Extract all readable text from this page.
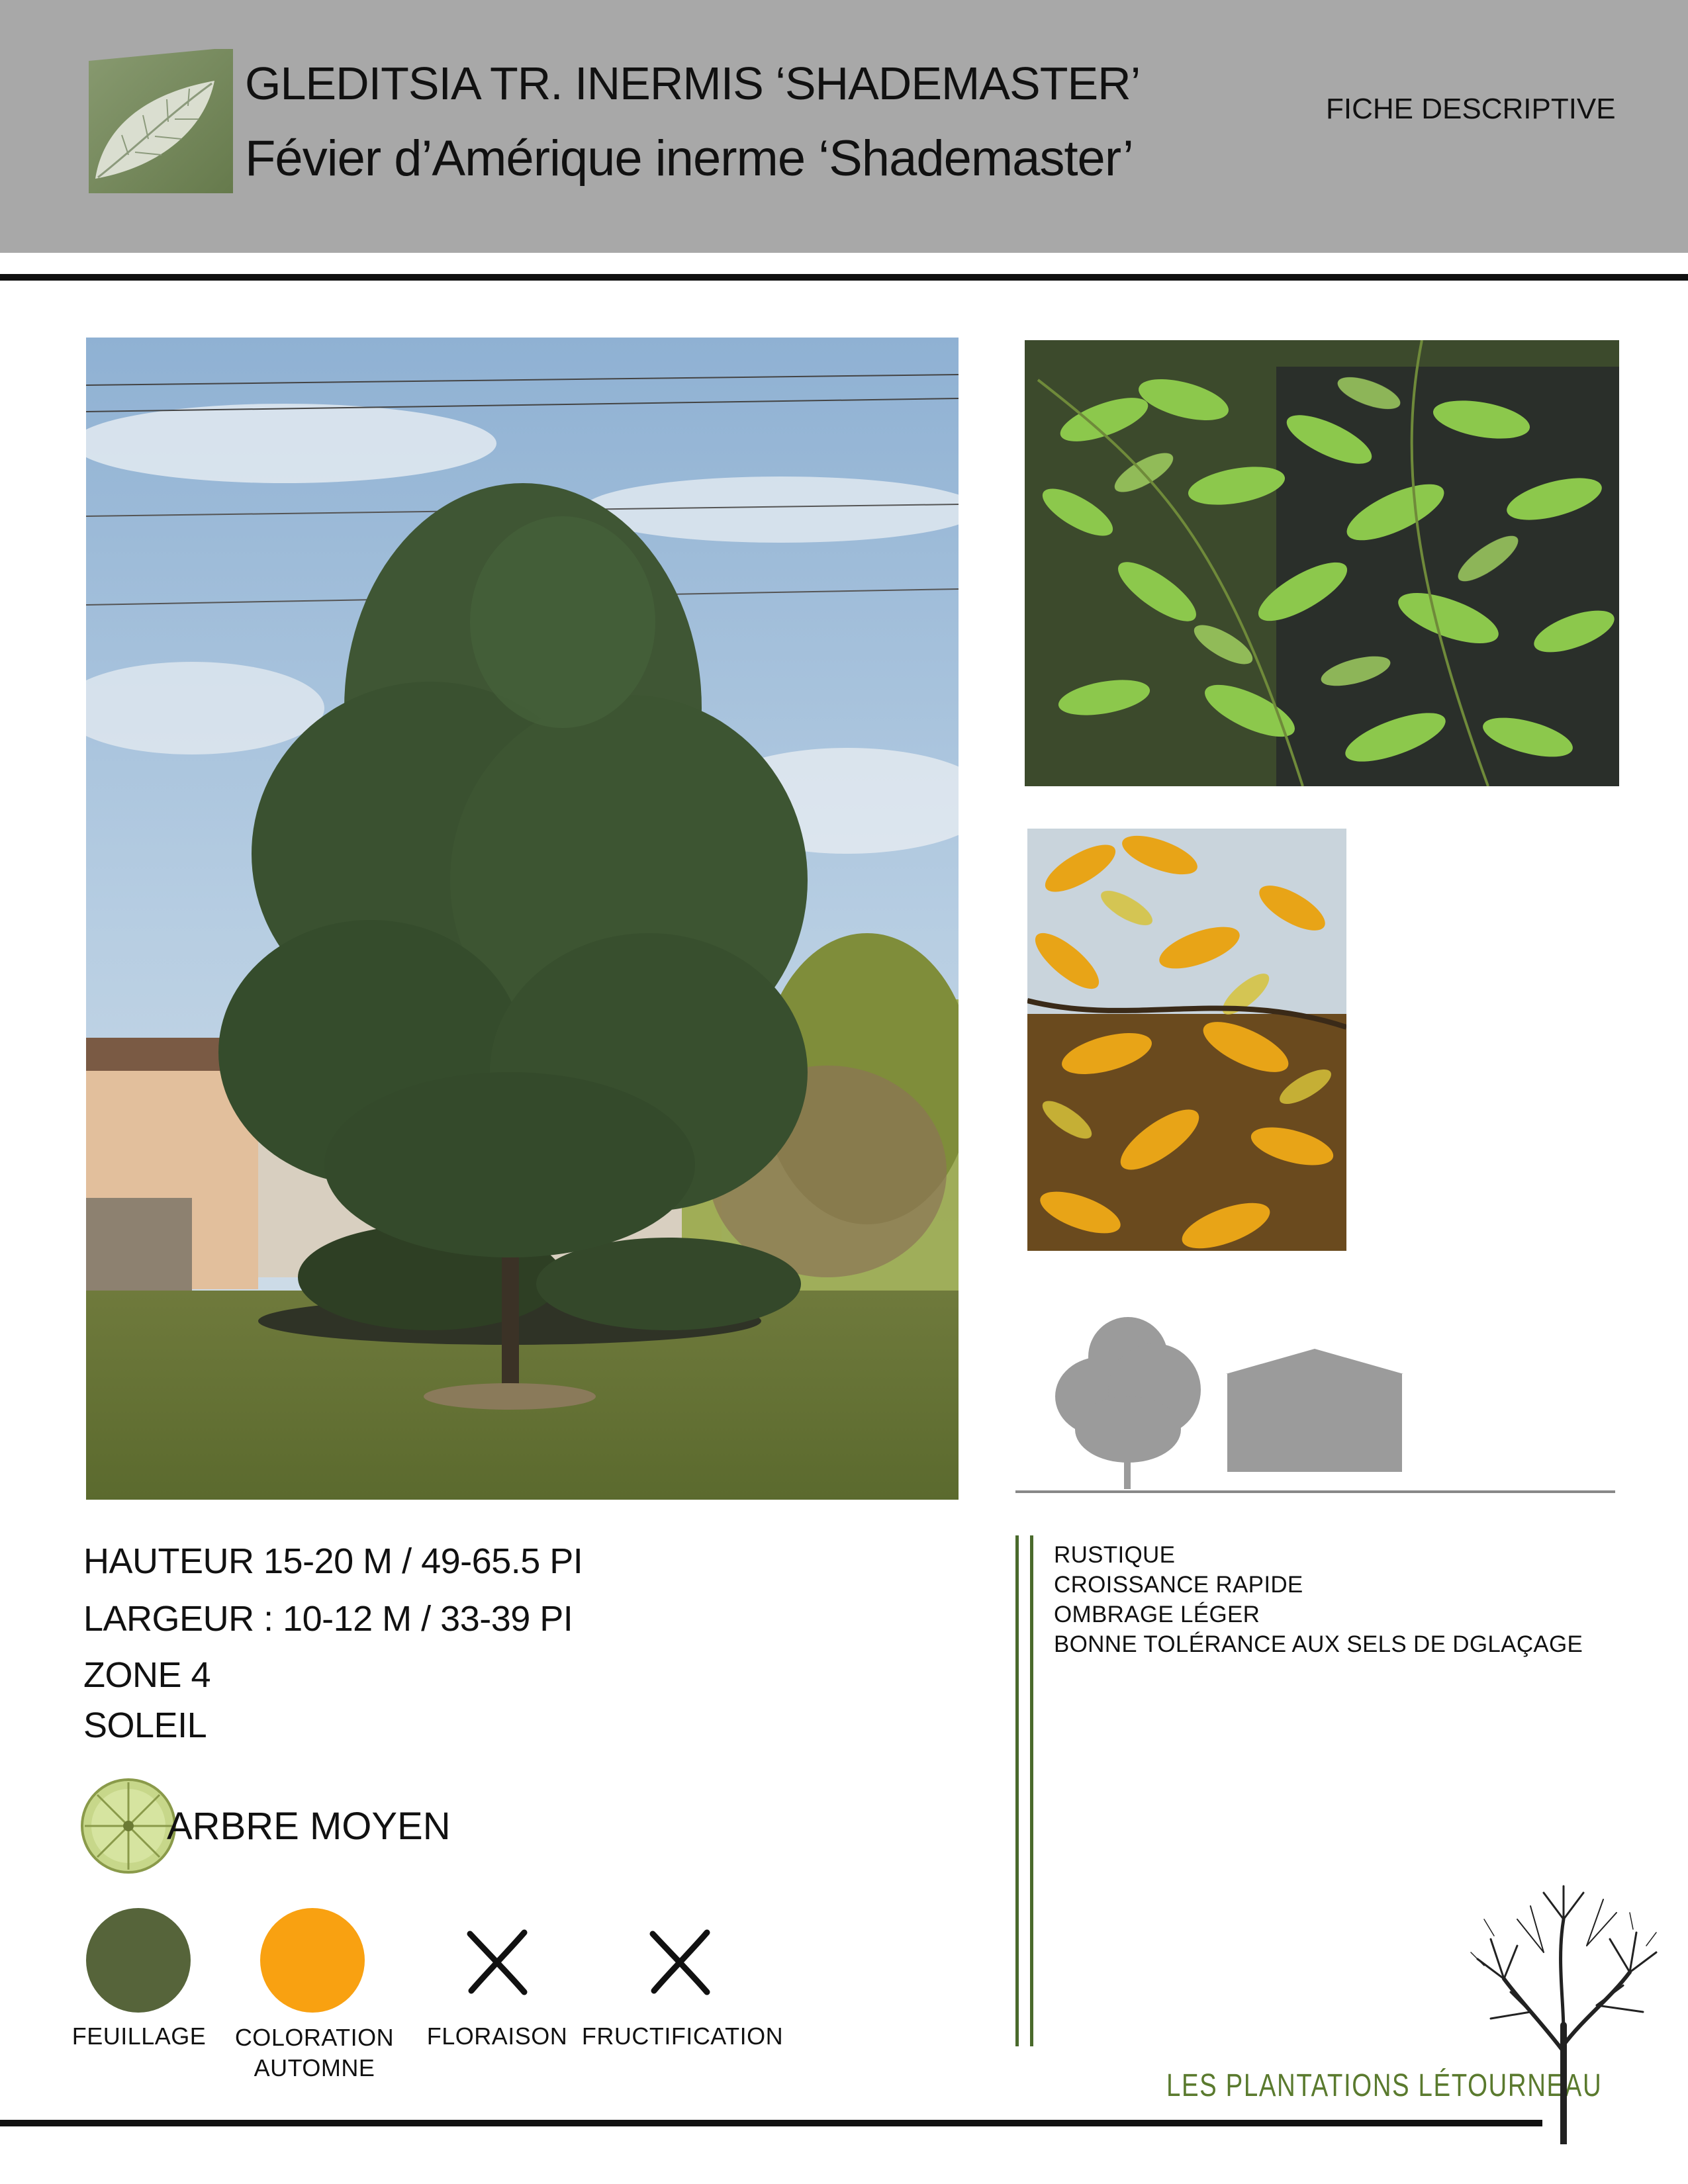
GLEDITSIA TR. INERMIS ‘SHADEMASTER’
Févier d’Amérique inerme ‘Shademaster’
FICHE DESCRIPTIVE
HAUTEUR 15-20 M / 49-65.5 PI
LARGEUR : 10-12 M / 33-39 PI
ZONE 4
SOLEIL
ARBRE MOYEN
FEUILLAGE	COLORATION
AUTOMNE
FLORAISON FRUCTIFICATION
RUSTIQUE
CROISSANCE RAPIDE
OMBRAGE LÉGER
BONNE TOLÉRANCE AUX SELS DE DGLAÇAGE
LES PLANTATIONS LÉTOURNEAU
